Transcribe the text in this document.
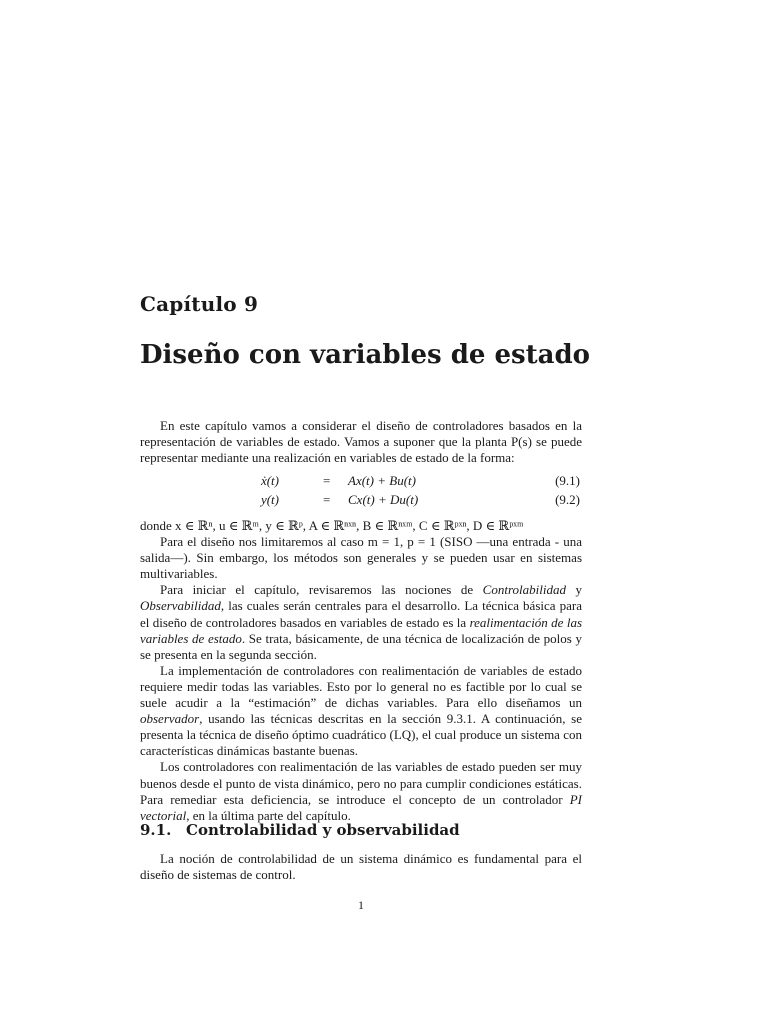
Capítulo 9
Diseño con variables de estado

En este capítulo vamos a considerar el diseño de controladores basados en la representación de variables de estado. Vamos a suponer que la planta P(s) se puede representar mediante una realización en variables de estado de la forma:

ẋ(t)	= Ax(t) + Bu(t)	(9.1)
y(t)	= Cx(t) + Du(t)	(9.2)

donde x ∈ ℝⁿ, u ∈ ℝᵐ, y ∈ ℝᵖ, A ∈ ℝⁿˣⁿ, B ∈ ℝⁿˣᵐ, C ∈ ℝᵖˣⁿ, D ∈ ℝᵖˣᵐ

Para el diseño nos limitaremos al caso m = 1, p = 1 (SISO —una entrada - una salida—). Sin embargo, los métodos son generales y se pueden usar en sistemas multivariables.

Para iniciar el capítulo, revisaremos las nociones de Controlabilidad y Observabilidad, las cuales serán centrales para el desarrollo. La técnica básica para el diseño de controladores basados en variables de estado es la realimentación de las variables de estado. Se trata, básicamente, de una técnica de localización de polos y se presenta en la segunda sección.

La implementación de controladores con realimentación de variables de estado requiere medir todas las variables. Esto por lo general no es factible por lo cual se suele acudir a la “estimación” de dichas variables. Para ello diseñamos un observador, usando las técnicas descritas en la sección 9.3.1. A continuación, se presenta la técnica de diseño óptimo cuadrático (LQ), el cual produce un sistema con características dinámicas bastante buenas.

Los controladores con realimentación de las variables de estado pueden ser muy buenos desde el punto de vista dinámico, pero no para cumplir condiciones estáticas. Para remediar esta deficiencia, se introduce el concepto de un controlador PI vectorial, en la última parte del capítulo.

9.1. Controlabilidad y observabilidad

La noción de controlabilidad de un sistema dinámico es fundamental para el diseño de sistemas de control.

1
